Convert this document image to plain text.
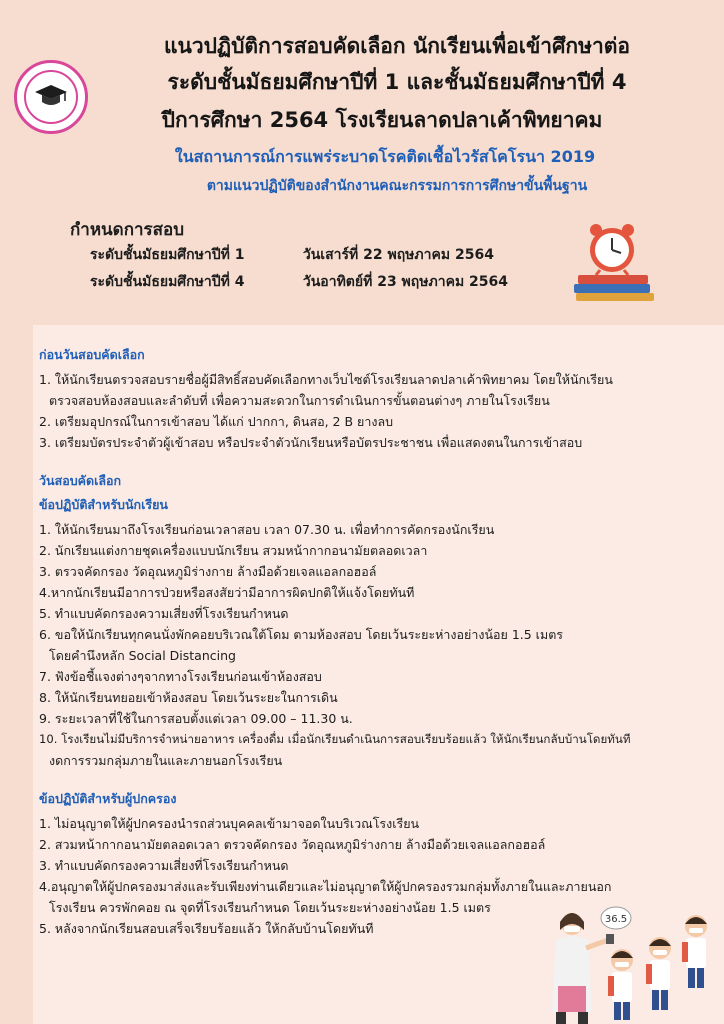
แนวปฏิบัติการสอบคัดเลือก นักเรียนเพื่อเข้าศึกษาต่อ
ระดับชั้นมัธยมศึกษาปีที่ 1 และชั้นมัธยมศึกษาปีที่ 4
ปีการศึกษา 2564 โรงเรียนลาดปลาเค้าพิทยาคม
ในสถานการณ์การแพร่ระบาดโรคติดเชื้อไวรัสโคโรนา 2019
ตามแนวปฏิบัติของสำนักงานคณะกรรมการการศึกษาขั้นพื้นฐาน
กำหนดการสอบ
ระดับชั้นมัธยมศึกษาปีที่ 1	วันเสาร์ที่ 22 พฤษภาคม 2564
ระดับชั้นมัธยมศึกษาปีที่ 4	วันอาทิตย์ที่ 23 พฤษภาคม 2564
ก่อนวันสอบคัดเลือก
1. ให้นักเรียนตรวจสอบรายชื่อผู้มีสิทธิ์สอบคัดเลือกทางเว็บไซต์โรงเรียนลาดปลาเค้าพิทยาคม โดยให้นักเรียน
ตรวจสอบห้องสอบและลำดับที่ เพื่อความสะดวกในการดำเนินการขั้นตอนต่างๆ ภายในโรงเรียน
2. เตรียมอุปกรณ์ในการเข้าสอบ ได้แก่ ปากกา, ดินสอ, 2 B ยางลบ
3. เตรียมบัตรประจำตัวผู้เข้าสอบ หรือประจำตัวนักเรียนหรือบัตรประชาชน เพื่อแสดงตนในการเข้าสอบ
วันสอบคัดเลือก
ข้อปฏิบัติสำหรับนักเรียน
1. ให้นักเรียนมาถึงโรงเรียนก่อนเวลาสอบ เวลา 07.30 น. เพื่อทำการคัดกรองนักเรียน
2. นักเรียนแต่งกายชุดเครื่องแบบนักเรียน สวมหน้ากากอนามัยตลอดเวลา
3. ตรวจคัดกรอง วัดอุณหภูมิร่างกาย ล้างมือด้วยเจลแอลกอฮอล์
4.หากนักเรียนมีอาการป่วยหรือสงสัยว่ามีอาการผิดปกติให้แจ้งโดยทันที
5. ทำแบบคัดกรองความเสี่ยงที่โรงเรียนกำหนด
6. ขอให้นักเรียนทุกคนนั่งพักคอยบริเวณใต้โดม ตามห้องสอบ โดยเว้นระยะห่างอย่างน้อย 1.5 เมตร
โดยคำนึงหลัก Social Distancing
7. ฟังข้อชี้แจงต่างๆจากทางโรงเรียนก่อนเข้าห้องสอบ
8. ให้นักเรียนทยอยเข้าห้องสอบ โดยเว้นระยะในการเดิน
9. ระยะเวลาที่ใช้ในการสอบตั้งแต่เวลา 09.00 – 11.30 น.
10. โรงเรียนไม่มีบริการจำหน่ายอาหาร เครื่องดื่ม เมื่อนักเรียนดำเนินการสอบเรียบร้อยแล้ว ให้นักเรียนกลับบ้านโดยทันที
งดการรวมกลุ่มภายในและภายนอกโรงเรียน
ข้อปฏิบัติสำหรับผู้ปกครอง
1. ไม่อนุญาตให้ผู้ปกครองนำรถส่วนบุคคลเข้ามาจอดในบริเวณโรงเรียน
2. สวมหน้ากากอนามัยตลอดเวลา ตรวจคัดกรอง วัดอุณหภูมิร่างกาย ล้างมือด้วยเจลแอลกอฮอล์
3. ทำแบบคัดกรองความเสี่ยงที่โรงเรียนกำหนด
4.อนุญาตให้ผู้ปกครองมาส่งและรับเพียงท่านเดียวและไม่อนุญาตให้ผู้ปกครองรวมกลุ่มทั้งภายในและภายนอก
โรงเรียน ควรพักคอย ณ จุดที่โรงเรียนกำหนด โดยเว้นระยะห่างอย่างน้อย 1.5 เมตร
5. หลังจากนักเรียนสอบเสร็จเรียบร้อยแล้ว ให้กลับบ้านโดยทันที
36.5
